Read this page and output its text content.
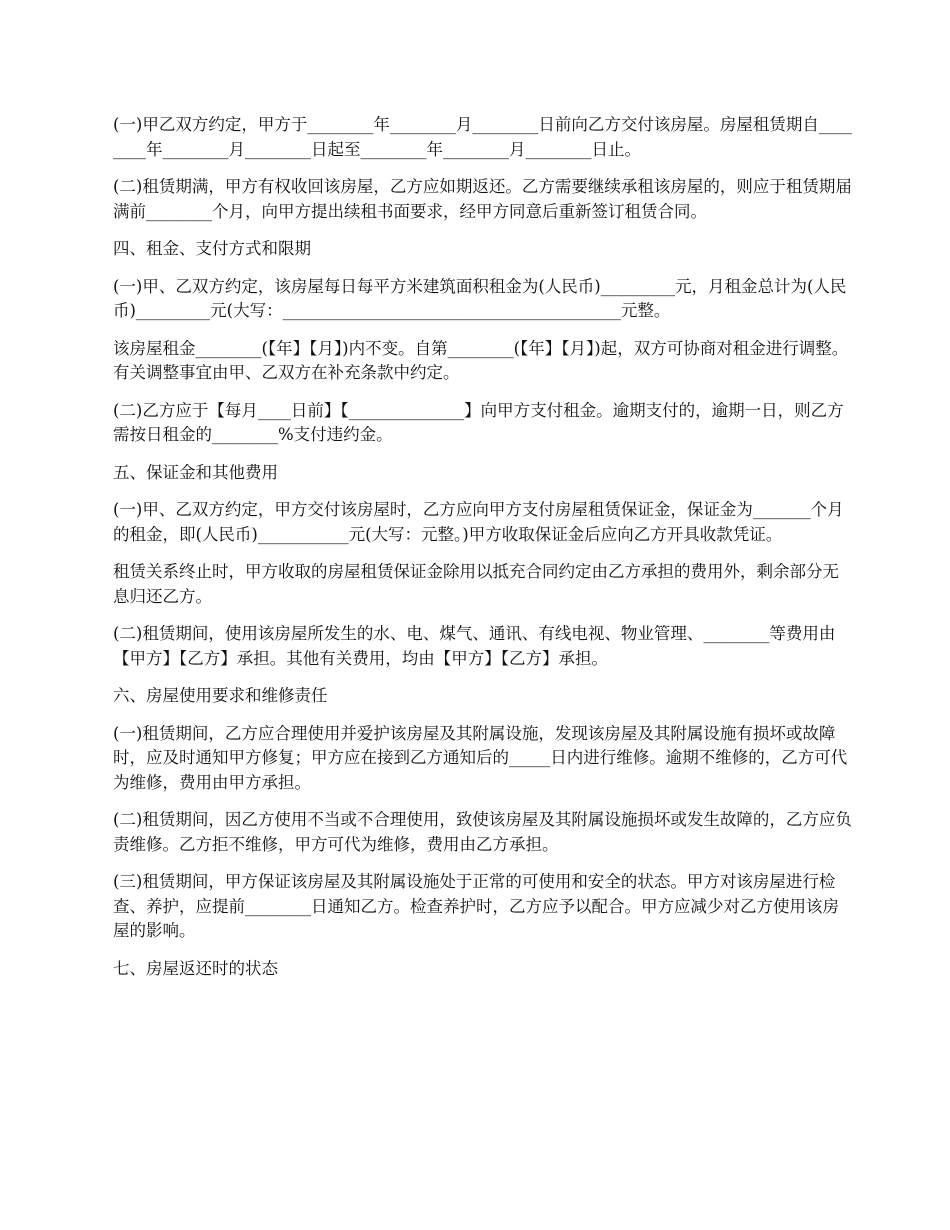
(一)甲乙双方约定，甲方于________年________月________日前向乙方交付该房屋。房屋租赁期自________年________月________日起至________年________月________日止。

(二)租赁期满，甲方有权收回该房屋，乙方应如期返还。乙方需要继续承租该房屋的，则应于租赁期届满前________个月，向甲方提出续租书面要求，经甲方同意后重新签订租赁合同。

四、租金、支付方式和限期

(一)甲、乙双方约定，该房屋每日每平方米建筑面积租金为(人民币)_________元，月租金总计为(人民币)_________元(大写：_________________________________________元整。

该房屋租金________(【年】【月】)内不变。自第________(【年】【月】)起，双方可协商对租金进行调整。有关调整事宜由甲、乙双方在补充条款中约定。

(二)乙方应于【每月____日前】【______________】向甲方支付租金。逾期支付的，逾期一日，则乙方需按日租金的________%支付违约金。

五、保证金和其他费用

(一)甲、乙双方约定，甲方交付该房屋时，乙方应向甲方支付房屋租赁保证金，保证金为_______个月的租金，即(人民币)___________元(大写：元整。)甲方收取保证金后应向乙方开具收款凭证。

租赁关系终止时，甲方收取的房屋租赁保证金除用以抵充合同约定由乙方承担的费用外，剩余部分无息归还乙方。

(二)租赁期间，使用该房屋所发生的水、电、煤气、通讯、有线电视、物业管理、________等费用由【甲方】【乙方】承担。其他有关费用，均由【甲方】【乙方】承担。

六、房屋使用要求和维修责任

(一)租赁期间，乙方应合理使用并爱护该房屋及其附属设施，发现该房屋及其附属设施有损坏或故障时，应及时通知甲方修复；甲方应在接到乙方通知后的_____日内进行维修。逾期不维修的，乙方可代为维修，费用由甲方承担。

(二)租赁期间，因乙方使用不当或不合理使用，致使该房屋及其附属设施损坏或发生故障的，乙方应负责维修。乙方拒不维修，甲方可代为维修，费用由乙方承担。

(三)租赁期间，甲方保证该房屋及其附属设施处于正常的可使用和安全的状态。甲方对该房屋进行检查、养护，应提前________日通知乙方。检查养护时，乙方应予以配合。甲方应减少对乙方使用该房屋的影响。

七、房屋返还时的状态
